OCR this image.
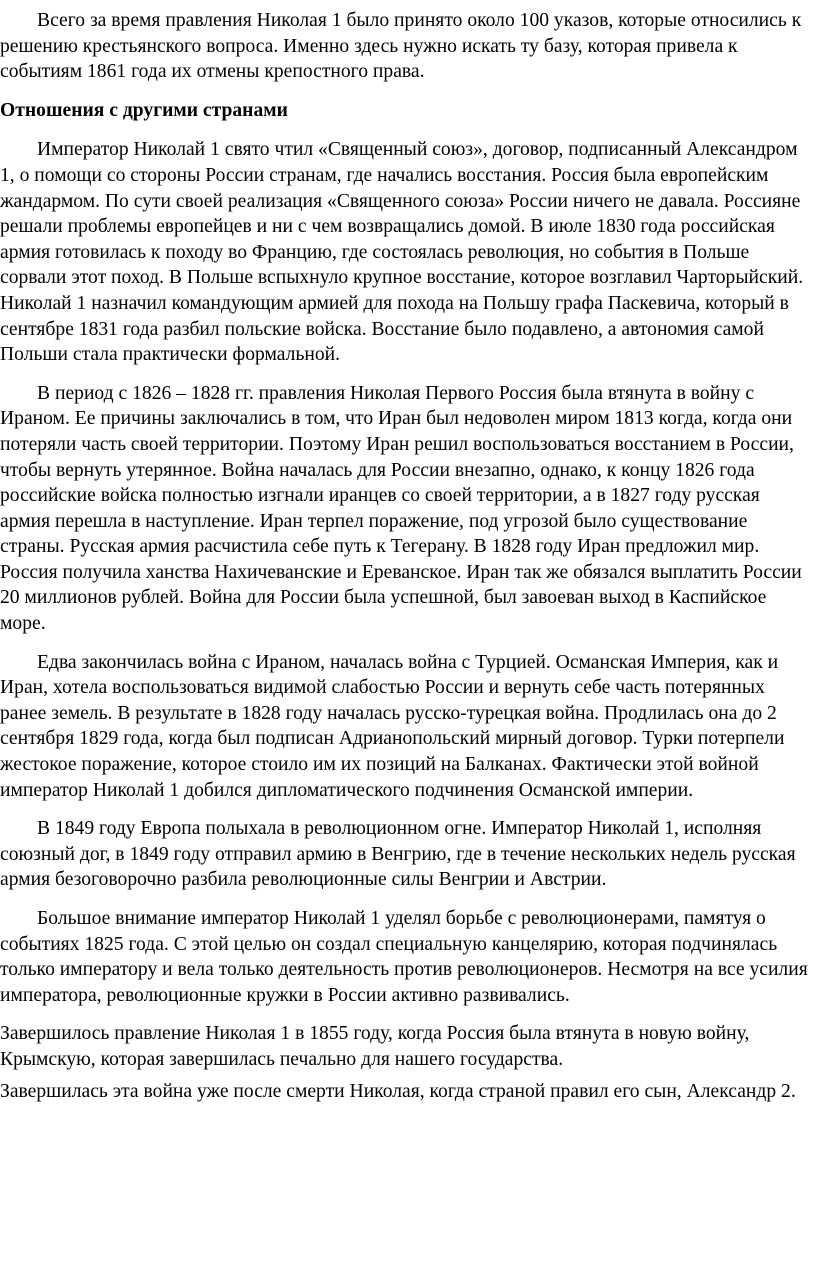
Всего за время правления Николая 1 было принято около 100 указов, которые относились к решению крестьянского вопроса. Именно здесь нужно искать ту базу, которая привела к событиям 1861 года их отмены крепостного права.

Отношения с другими странами

Император Николай 1 свято чтил «Священный союз», договор, подписанный Александром 1, о помощи со стороны России странам, где начались восстания. Россия была европейским жандармом. По сути своей реализация «Священного союза» России ничего не давала. Россияне решали проблемы европейцев и ни с чем возвращались домой. В июле 1830 года российская армия готовилась к походу во Францию, где состоялась революция, но события в Польше сорвали этот поход. В Польше вспыхнуло крупное восстание, которое возглавил Чарторыйский. Николай 1 назначил командующим армией для похода на Польшу графа Паскевича, который в сентябре 1831 года разбил польские войска. Восстание было подавлено, а автономия самой Польши стала практически формальной.

В период с 1826 – 1828 гг. правления Николая Первого Россия была втянута в войну с Ираном. Ее причины заключались в том, что Иран был недоволен миром 1813 когда, когда они потеряли часть своей территории. Поэтому Иран решил воспользоваться восстанием в России, чтобы вернуть утерянное. Война началась для России внезапно, однако, к концу 1826 года российские войска полностью изгнали иранцев со своей территории, а в 1827 году русская армия перешла в наступление. Иран терпел поражение, под угрозой было существование страны. Русская армия расчистила себе путь к Тегерану. В 1828 году Иран предложил мир. Россия получила ханства Нахичеванские и Ереванское. Иран так же обязался выплатить России 20 миллионов рублей. Война для России была успешной, был завоеван выход в Каспийское море.

Едва закончилась война с Ираном, началась война с Турцией. Османская Империя, как и Иран, хотела воспользоваться видимой слабостью России и вернуть себе часть потерянных ранее земель. В результате в 1828 году началась русско-турецкая война. Продлилась она до 2 сентября 1829 года, когда был подписан Адрианопольский мирный договор. Турки потерпели жестокое поражение, которое стоило им их позиций на Балканах. Фактически этой войной император Николай 1 добился дипломатического подчинения Османской империи.

В 1849 году Европа полыхала в революционном огне. Император Николай 1, исполняя союзный дог, в 1849 году отправил армию в Венгрию, где в течение нескольких недель русская армия безоговорочно разбила революционные силы Венгрии и Австрии.

Большое внимание император Николай 1 уделял борьбе с революционерами, памятуя о событиях 1825 года. С этой целью он создал специальную канцелярию, которая подчинялась только императору и вела только деятельность против революционеров. Несмотря на все усилия императора, революционные кружки в России активно развивались.

Завершилось правление Николая 1 в 1855 году, когда Россия была втянута в новую войну, Крымскую, которая завершилась печально для нашего государства.

Завершилась эта война уже после смерти Николая, когда страной правил его сын, Александр 2.
